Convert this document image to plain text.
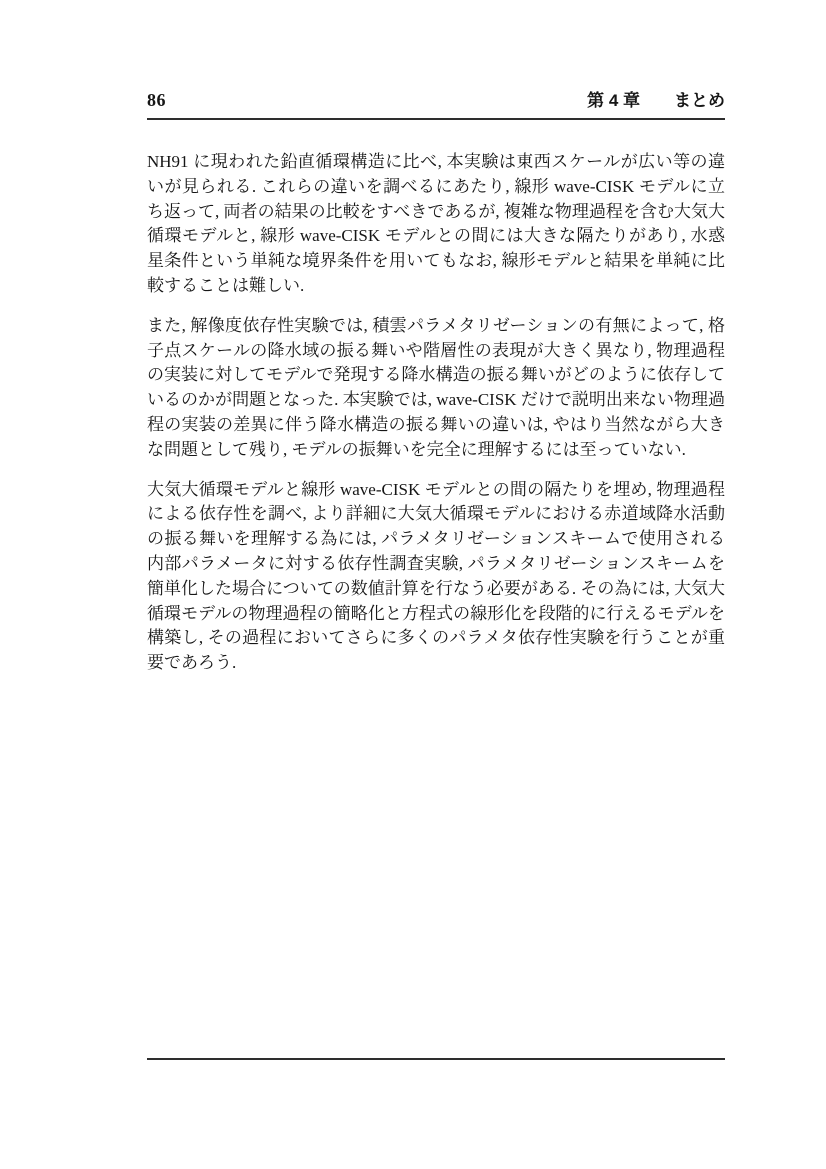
86	第 4 章　　まとめ

NH91 に現われた鉛直循環構造に比べ, 本実験は東西スケールが広い等の違いが見られる. これらの違いを調べるにあたり, 線形 wave-CISK モデルに立ち返って, 両者の結果の比較をすべきであるが, 複雑な物理過程を含む大気大循環モデルと, 線形 wave-CISK モデルとの間には大きな隔たりがあり, 水惑星条件という単純な境界条件を用いてもなお, 線形モデルと結果を単純に比較することは難しい.

また, 解像度依存性実験では, 積雲パラメタリゼーションの有無によって, 格子点スケールの降水域の振る舞いや階層性の表現が大きく異なり, 物理過程の実装に対してモデルで発現する降水構造の振る舞いがどのように依存しているのかが問題となった. 本実験では, wave-CISK だけで説明出来ない物理過程の実装の差異に伴う降水構造の振る舞いの違いは, やはり当然ながら大きな問題として残り, モデルの振舞いを完全に理解するには至っていない.

大気大循環モデルと線形 wave-CISK モデルとの間の隔たりを埋め, 物理過程による依存性を調べ, より詳細に大気大循環モデルにおける赤道域降水活動の振る舞いを理解する為には, パラメタリゼーションスキームで使用される内部パラメータに対する依存性調査実験, パラメタリゼーションスキームを簡単化した場合についての数値計算を行なう必要がある. その為には, 大気大循環モデルの物理過程の簡略化と方程式の線形化を段階的に行えるモデルを構築し, その過程においてさらに多くのパラメタ依存性実験を行うことが重要であろう.
